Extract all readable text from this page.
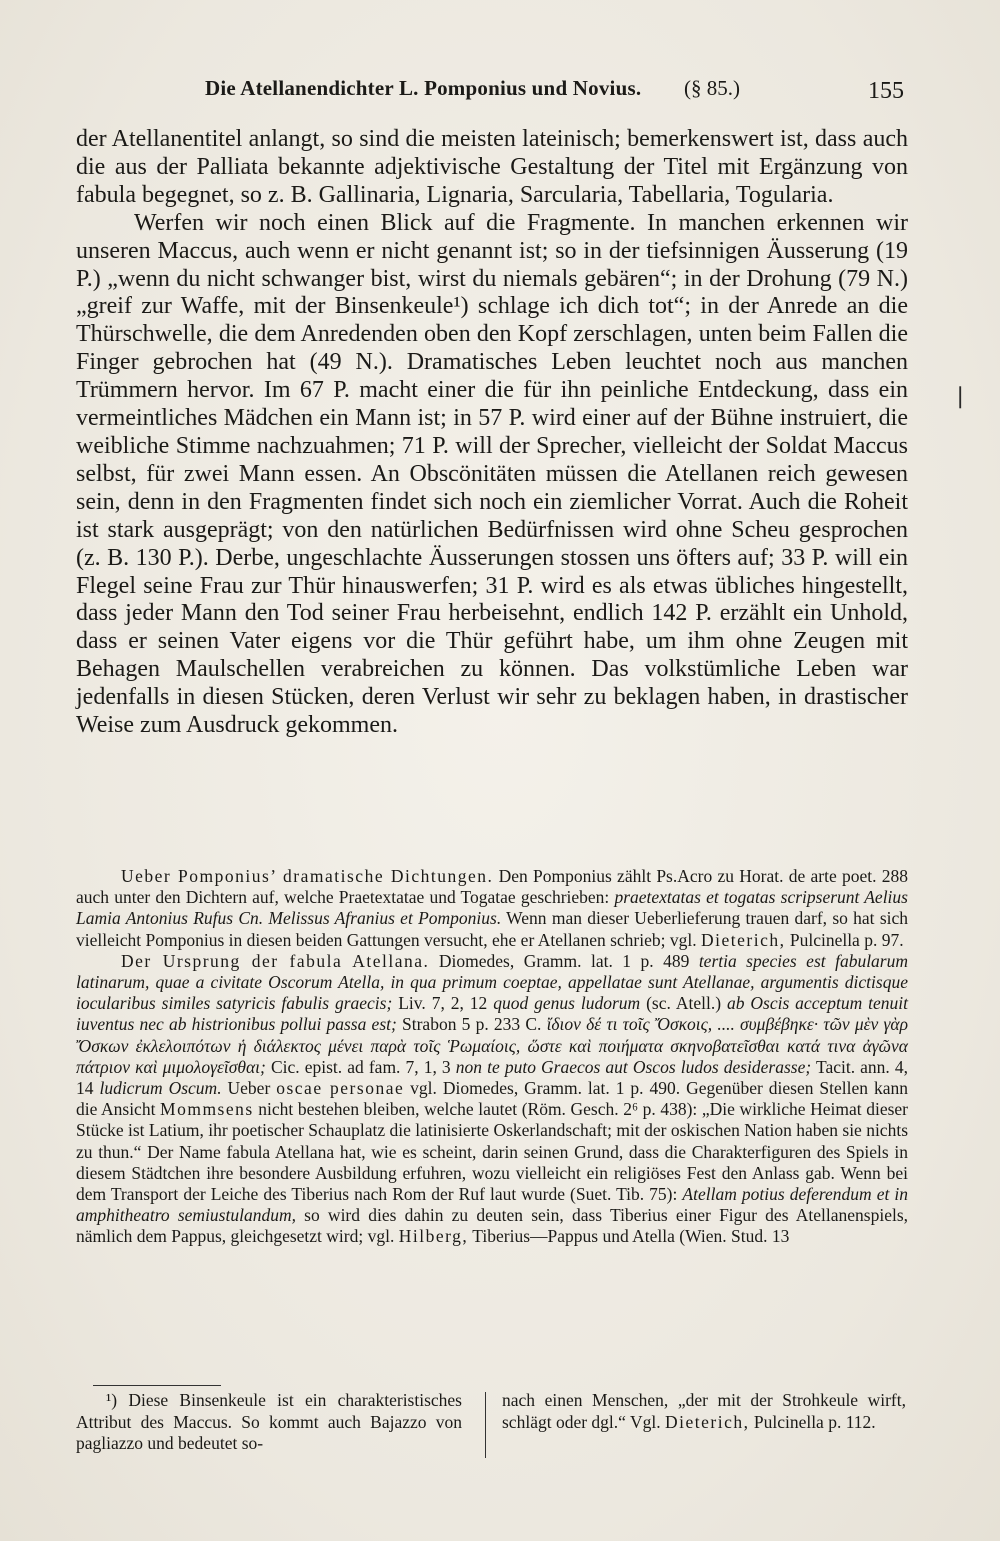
Die Atellanendichter L. Pomponius und Novius. (§ 85.)	155

der Atellanentitel anlangt, so sind die meisten lateinisch; bemerkenswert ist, dass auch die aus der Palliata bekannte adjektivische Gestaltung der Titel mit Ergänzung von fabula begegnet, so z. B. Gallinaria, Lignaria, Sarcularia, Tabellaria, Togularia.

Werfen wir noch einen Blick auf die Fragmente. In manchen erkennen wir unseren Maccus, auch wenn er nicht genannt ist; so in der tiefsinnigen Äusserung (19 P.) „wenn du nicht schwanger bist, wirst du niemals gebären“; in der Drohung (79 N.) „greif zur Waffe, mit der Binsenkeule¹) schlage ich dich tot“; in der Anrede an die Thürschwelle, die dem Anredenden oben den Kopf zerschlagen, unten beim Fallen die Finger gebrochen hat (49 N.). Dramatisches Leben leuchtet noch aus manchen Trümmern hervor. Im 67 P. macht einer die für ihn peinliche Entdeckung, dass ein vermeintliches Mädchen ein Mann ist; in 57 P. wird einer auf der Bühne instruiert, die weibliche Stimme nachzuahmen; 71 P. will der Sprecher, vielleicht der Soldat Maccus selbst, für zwei Mann essen. An Obscönitäten müssen die Atellanen reich gewesen sein, denn in den Fragmenten findet sich noch ein ziemlicher Vorrat. Auch die Roheit ist stark ausgeprägt; von den natürlichen Bedürfnissen wird ohne Scheu gesprochen (z. B. 130 P.). Derbe, ungeschlachte Äusserungen stossen uns öfters auf; 33 P. will ein Flegel seine Frau zur Thür hinauswerfen; 31 P. wird es als etwas übliches hingestellt, dass jeder Mann den Tod seiner Frau herbeisehnt, endlich 142 P. erzählt ein Unhold, dass er seinen Vater eigens vor die Thür geführt habe, um ihm ohne Zeugen mit Behagen Maulschellen verabreichen zu können. Das volkstümliche Leben war jedenfalls in diesen Stücken, deren Verlust wir sehr zu beklagen haben, in drastischer Weise zum Ausdruck gekommen.

❘

Ueber Pomponius’ dramatische Dichtungen. Den Pomponius zählt Ps.Acro zu Horat. de arte poet. 288 auch unter den Dichtern auf, welche Praetextatae und Togatae geschrieben: praetextatas et togatas scripserunt Aelius Lamia Antonius Rufus Cn. Melissus Afranius et Pomponius. Wenn man dieser Ueberlieferung trauen darf, so hat sich vielleicht Pomponius in diesen beiden Gattungen versucht, ehe er Atellanen schrieb; vgl. Dieterich, Pulcinella p. 97.

Der Ursprung der fabula Atellana. Diomedes, Gramm. lat. 1 p. 489 tertia species est fabularum latinarum, quae a civitate Oscorum Atella, in qua primum coeptae, appellatae sunt Atellanae, argumentis dictisque iocularibus similes satyricis fabulis graecis; Liv. 7, 2, 12 quod genus ludorum (sc. Atell.) ab Oscis acceptum tenuit iuventus nec ab histrionibus pollui passa est; Strabon 5 p. 233 C. ἴδιον δέ τι τοῖς Ὄσκοις, .... συμβέβηκε· τῶν μὲν γὰρ Ὄσκων ἐκλελοιπότων ἡ διάλεκτος μένει παρὰ τοῖς Ῥωμαίοις, ὥστε καὶ ποιήματα σκηνοβατεῖσθαι κατά τινα ἀγῶνα πάτριον καὶ μιμολογεῖσθαι; Cic. epist. ad fam. 7, 1, 3 non te puto Graecos aut Oscos ludos desiderasse; Tacit. ann. 4, 14 ludicrum Oscum. Ueber oscae personae vgl. Diomedes, Gramm. lat. 1 p. 490. Gegenüber diesen Stellen kann die Ansicht Mommsens nicht bestehen bleiben, welche lautet (Röm. Gesch. 2⁶ p. 438): „Die wirkliche Heimat dieser Stücke ist Latium, ihr poetischer Schauplatz die latinisierte Oskerlandschaft; mit der oskischen Nation haben sie nichts zu thun.“ Der Name fabula Atellana hat, wie es scheint, darin seinen Grund, dass die Charakterfiguren des Spiels in diesem Städtchen ihre besondere Ausbildung erfuhren, wozu vielleicht ein religiöses Fest den Anlass gab. Wenn bei dem Transport der Leiche des Tiberius nach Rom der Ruf laut wurde (Suet. Tib. 75): Atellam potius deferendum et in amphitheatro semiustulandum, so wird dies dahin zu deuten sein, dass Tiberius einer Figur des Atellanenspiels, nämlich dem Pappus, gleichgesetzt wird; vgl. Hilberg, Tiberius—Pappus und Atella (Wien. Stud. 13

¹) Diese Binsenkeule ist ein charakteristisches Attribut des Maccus. So kommt auch Bajazzo von pagliazzo und bedeutet so-

nach einen Menschen, „der mit der Strohkeule wirft, schlägt oder dgl.“ Vgl. Dieterich, Pulcinella p. 112.
